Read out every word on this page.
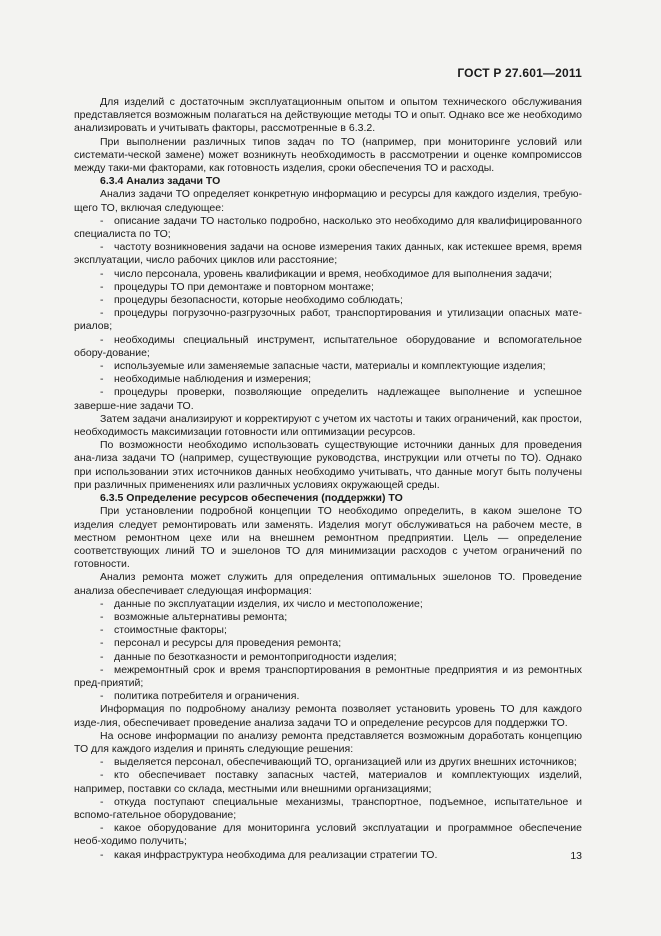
ГОСТ Р 27.601—2011

Для изделий с достаточным эксплуатационным опытом и опытом технического обслуживания представляется возможным полагаться на действующие методы ТО и опыт. Однако все же необходимо анализировать и учитывать факторы, рассмотренные в 6.3.2.

При выполнении различных типов задач по ТО (например, при мониторинге условий или системати-ческой замене) может возникнуть необходимость в рассмотрении и оценке компромиссов между таки-ми факторами, как готовность изделия, сроки обеспечения ТО и расходы.

6.3.4 Анализ задачи ТО

Анализ задачи ТО определяет конкретную информацию и ресурсы для каждого изделия, требую-щего ТО, включая следующее:

- описание задачи ТО настолько подробно, насколько это необходимо для квалифицированного специалиста по ТО;

- частоту возникновения задачи на основе измерения таких данных, как истекшее время, время эксплуатации, число рабочих циклов или расстояние;

- число персонала, уровень квалификации и время, необходимое для выполнения задачи;

- процедуры ТО при демонтаже и повторном монтаже;

- процедуры безопасности, которые необходимо соблюдать;

- процедуры погрузочно-разгрузочных работ, транспортирования и утилизации опасных мате-риалов;

- необходимы специальный инструмент, испытательное оборудование и вспомогательное обору-дование;

- используемые или заменяемые запасные части, материалы и комплектующие изделия;

- необходимые наблюдения и измерения;

- процедуры проверки, позволяющие определить надлежащее выполнение и успешное заверше-ние задачи ТО.

Затем задачи анализируют и корректируют с учетом их частоты и таких ограничений, как простои, необходимость максимизации готовности или оптимизации ресурсов.

По возможности необходимо использовать существующие источники данных для проведения ана-лиза задачи ТО (например, существующие руководства, инструкции или отчеты по ТО). Однако при использовании этих источников данных необходимо учитывать, что данные могут быть получены при различных применениях или различных условиях окружающей среды.

6.3.5 Определение ресурсов обеспечения (поддержки) ТО

При установлении подробной концепции ТО необходимо определить, в каком эшелоне ТО изделия следует ремонтировать или заменять. Изделия могут обслуживаться на рабочем месте, в местном ремонтном цехе или на внешнем ремонтном предприятии. Цель — определение соответствующих линий ТО и эшелонов ТО для минимизации расходов с учетом ограничений по готовности.

Анализ ремонта может служить для определения оптимальных эшелонов ТО. Проведение анализа обеспечивает следующая информация:

- данные по эксплуатации изделия, их число и местоположение;

- возможные альтернативы ремонта;

- стоимостные факторы;

- персонал и ресурсы для проведения ремонта;

- данные по безотказности и ремонтопригодности изделия;

- межремонтный срок и время транспортирования в ремонтные предприятия и из ремонтных пред-приятий;

- политика потребителя и ограничения.

Информация по подробному анализу ремонта позволяет установить уровень ТО для каждого изде-лия, обеспечивает проведение анализа задачи ТО и определение ресурсов для поддержки ТО.

На основе информации по анализу ремонта представляется возможным доработать концепцию ТО для каждого изделия и принять следующие решения:

- выделяется персонал, обеспечивающий ТО, организацией или из других внешних источников;

- кто обеспечивает поставку запасных частей, материалов и комплектующих изделий, например, поставки со склада, местными или внешними организациями;

- откуда поступают специальные механизмы, транспортное, подъемное, испытательное и вспомо-гательное оборудование;

- какое оборудование для мониторинга условий эксплуатации и программное обеспечение необ-ходимо получить;

- какая инфраструктура необходима для реализации стратегии ТО.	13
